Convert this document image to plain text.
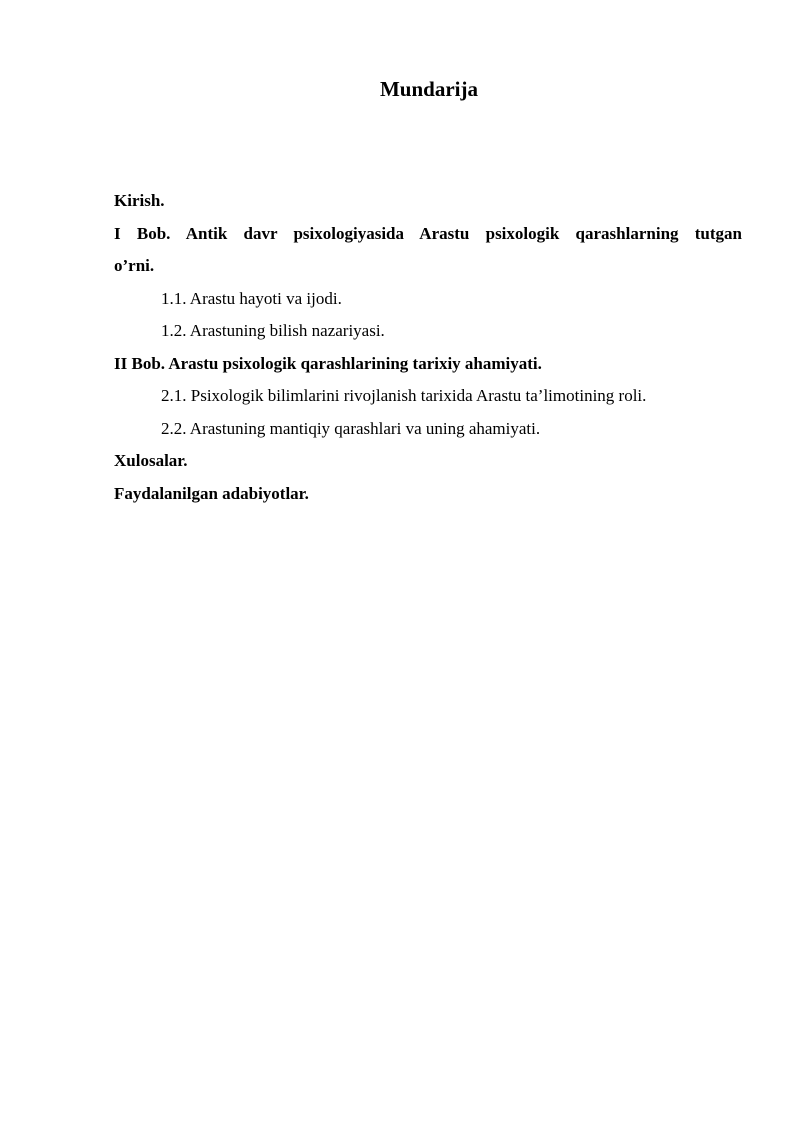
Mundarija
Kirish.
I Bob. Antik davr psixologiyasida Arastu psixologik qarashlarning tutgan
o’rni.
1.1. Arastu hayoti va ijodi.
1.2. Arastuning bilish nazariyasi.
II Bob. Arastu psixologik qarashlarining tarixiy ahamiyati.
2.1. Psixologik bilimlarini rivojlanish tarixida Arastu ta’limotining roli.
2.2. Arastuning mantiqiy qarashlari va uning ahamiyati.
Xulosalar.
Faydalanilgan adabiyotlar.
